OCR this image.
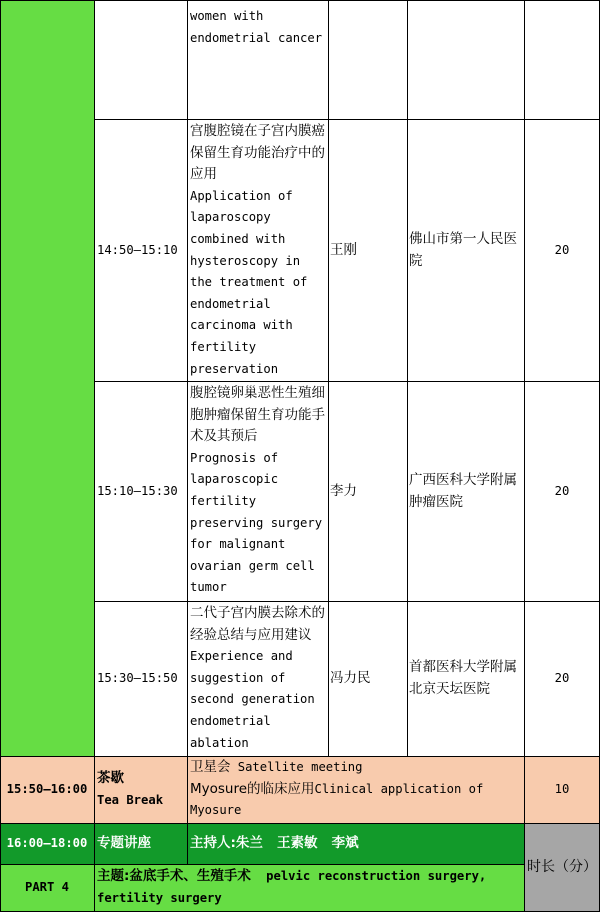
women with endometrial cancer
14:50–15:10
宫腹腔镜在子宫内膜癌保留生育功能治疗中的应用
Application of laparoscopy combined with hysteroscopy in the treatment of endometrial carcinoma with fertility preservation
王刚
佛山市第一人民医院
20
15:10–15:30
腹腔镜卵巢恶性生殖细胞肿瘤保留生育功能手术及其预后
Prognosis of laparoscopic fertility preserving surgery for malignant ovarian germ cell tumor
李力
广西医科大学附属肿瘤医院
20
15:30–15:50
二代子宫内膜去除术的经验总结与应用建议 Experience and suggestion of second generation endometrial ablation
冯力民
首都医科大学附属北京天坛医院
20
15:50–16:00
茶歇
Tea Break
卫星会 Satellite meeting
Myosure的临床应用 Clinical application of Myosure
10
16:00–18:00 专题讲座	主持人: 朱兰   王素敏   李斌
时长（分）
PART 4
主题:盆底手术、生殖手术 pelvic reconstruction surgery, fertility surgery
